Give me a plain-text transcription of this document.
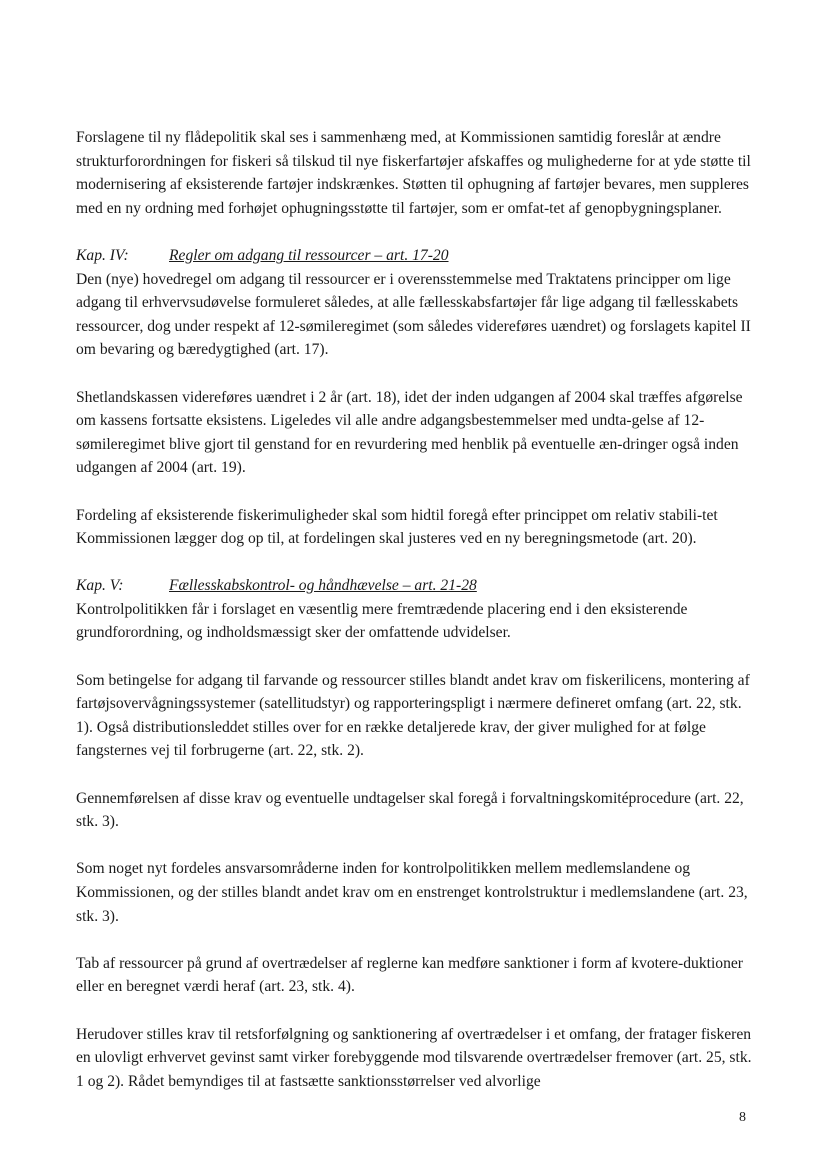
Forslagene til ny flådepolitik skal ses i sammenhæng med, at Kommissionen samtidig foreslår at ændre strukturforordningen for fiskeri så tilskud til nye fiskerfartøjer afskaffes og mulighederne for at yde støtte til modernisering af eksisterende fartøjer indskrænkes. Støtten til ophugning af fartøjer bevares, men suppleres med en ny ordning med forhøjet ophugningsstøtte til fartøjer, som er omfat-tet af genopbygningsplaner.

Kap. IV:	Regler om adgang til ressourcer – art. 17-20

Den (nye) hovedregel om adgang til ressourcer er i overensstemmelse med Traktatens principper om lige adgang til erhvervsudøvelse formuleret således, at alle fællesskabsfartøjer får lige adgang til fællesskabets ressourcer, dog under respekt af 12-sømileregimet (som således videreføres uændret) og forslagets kapitel II om bevaring og bæredygtighed (art. 17).

Shetlandskassen videreføres uændret i 2 år (art. 18), idet der inden udgangen af 2004 skal træffes afgørelse om kassens fortsatte eksistens. Ligeledes vil alle andre adgangsbestemmelser med undta-gelse af 12-sømileregimet blive gjort til genstand for en revurdering med henblik på eventuelle æn-dringer også inden udgangen af 2004 (art. 19).

Fordeling af eksisterende fiskerimuligheder skal som hidtil foregå efter princippet om relativ stabili-tet Kommissionen lægger dog op til, at fordelingen skal justeres ved en ny beregningsmetode (art. 20).

Kap. V:	Fællesskabskontrol- og håndhævelse – art. 21-28

Kontrolpolitikken får i forslaget en væsentlig mere fremtrædende placering end i den eksisterende grundforordning, og indholdsmæssigt sker der omfattende udvidelser.

Som betingelse for adgang til farvande og ressourcer stilles blandt andet krav om fiskerilicens, montering af fartøjsovervågningssystemer (satellitudstyr) og rapporteringspligt i nærmere defineret omfang (art. 22, stk. 1). Også distributionsleddet stilles over for en række detaljerede krav, der giver mulighed for at følge fangsternes vej til forbrugerne (art. 22, stk. 2).

Gennemførelsen af disse krav og eventuelle undtagelser skal foregå i forvaltningskomitéprocedure (art. 22, stk. 3).

Som noget nyt fordeles ansvarsområderne inden for kontrolpolitikken mellem medlemslandene og Kommissionen, og der stilles blandt andet krav om en enstrenget kontrolstruktur i medlemslandene (art. 23, stk. 3).

Tab af ressourcer på grund af overtrædelser af reglerne kan medføre sanktioner i form af kvotere-duktioner eller en beregnet værdi heraf (art. 23, stk. 4).

Herudover stilles krav til retsforfølgning og sanktionering af overtrædelser i et omfang, der fratager fiskeren en ulovligt erhvervet gevinst samt virker forebyggende mod tilsvarende overtrædelser fremover (art. 25, stk. 1 og 2). Rådet bemyndiges til at fastsætte sanktionsstørrelser ved alvorlige

8
